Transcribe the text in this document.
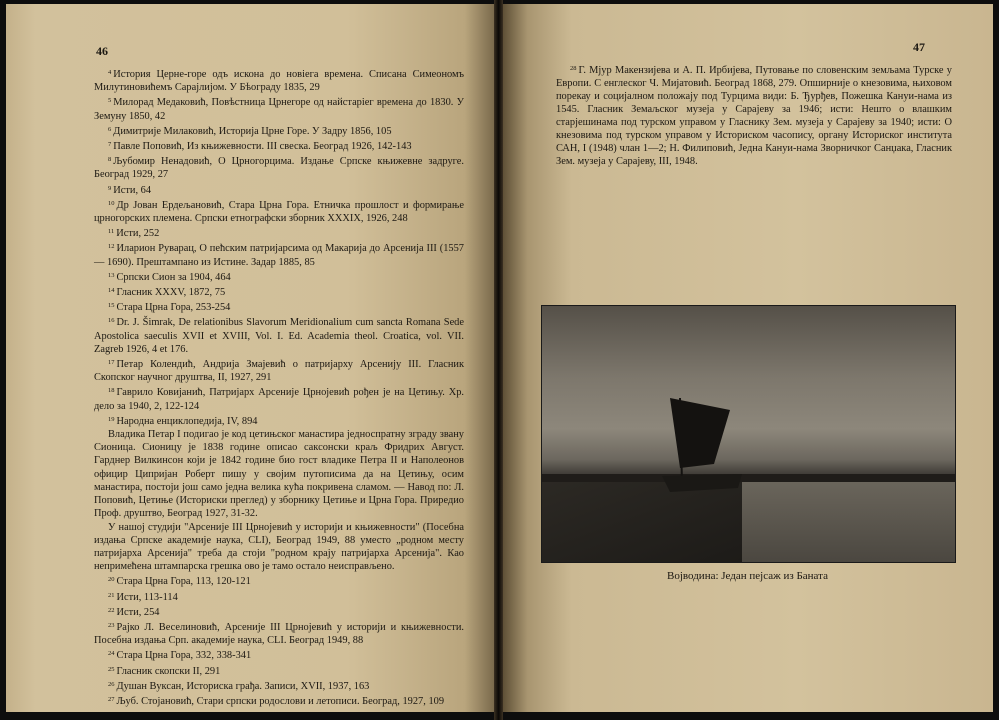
46

$^4$ История Церне-горе одъ искона до новіега времена. Списана Симеономъ Милутиновићемъ Сарајлијом. У Бѣограду 1835, 29

$^5$ Милорад Медаковић, Повѣстница Црнегоре од найстаріег времена до 1830. У Земуну 1850, 42

$^6$ Димитрије Милаковић, Историја Црне Горе. У Задру 1856, 105

$^7$ Павле Поповић, Из књижевности. III свеска. Београд 1926, 142-143

$^8$ Љубомир Ненадовић, О Црногорцима. Издање Српске књижевне задруге. Београд 1929, 27

$^9$ Исти, 64

$^{10}$ Др Јован Ердељановић, Стара Црна Гора. Етничка прошлост и формирање црногорских племена. Српски етнографски зборник XXXIX, 1926, 248

$^{11}$ Исти, 252

$^{12}$ Иларион Руварац, О пећским патријарсима од Макарија до Арсенија III (1557 — 1690). Прештампано из Истине. Задар 1885, 85

$^{13}$ Српски Сион за 1904, 464

$^{14}$ Гласник XXXV, 1872, 75

$^{15}$ Стара Црна Гора, 253-254

$^{16}$ Dr. J. Šimrak, De relationibus Slavorum Meridionalium cum sancta Romana Sede Apostolica saeculis XVII et XVIII, Vol. I. Ed. Academia theol. Croatica, vol. VII. Zagreb 1926, 4 et 176.

$^{17}$ Петар Колендић, Андрија Змајевић о патријарху Арсенију III. Гласник Скопског научног друштва, II, 1927, 291

$^{18}$ Гаврило Ковијанић, Патријарх Арсеније Црнојевић рођен је на Цетињу. Хр. дело за 1940, 2, 122-124

$^{19}$ Народна енциклопедија, IV, 894

Владика Петар I подигао је код цетињског манастира једноспратну зграду звану Сионица. Сионицу је 1838 године описао саксонски краљ Фридрих Август. Гарднер Вилкинсон који је 1842 године био гост владике Петра II и Наполеонов официр Ципријан Роберт пишу у својим путописима да на Цетињу, осим манастира, постоји још само једна велика кућа покривена сламом. — Навод по: Л. Поповић, Цетиње (Историски преглед) у зборнику Цетиње и Црна Гора. Приредио Проф. друштво, Београд 1927, 31-32.

У нашој студији "Арсеније III Црнојевић у историји и књижевности" (Посебна издања Српске академије наука, CLI), Београд 1949, 88 уместо „родном месту патријарха Арсенија" треба да стоји "родном крају патријарха Арсенија". Као непримећена штампарска грешка ово је тамо остало неисправљено.

$^{20}$ Стара Црна Гора, 113, 120-121

$^{21}$ Исти, 113-114

$^{22}$ Исти, 254

$^{23}$ Рајко Л. Веселиновић, Арсеније III Црнојевић у историји и књижевности. Посебна издања Срп. академије наука, CLI. Београд 1949, 88

$^{24}$ Стара Црна Гора, 332, 338-341

$^{25}$ Гласник скопски II, 291

$^{26}$ Душан Вуксан, Историска грађа. Записи, XVII, 1937, 163

$^{27}$ Љуб. Стојановић, Стари српски родослови и летописи. Београд, 1927, 109

47

$^{28}$ Г. Мјур Макензијева и А. П. Ирбијева, Путовање по словенским земљама Турске у Европи. С енглеског Ч. Мијатовић. Београд 1868, 279. Опширније о кнезовима, њиховом порекау и социјалном положају под Турцима види: Б. Ђурђев, Пожешка Кануи-нама из 1545. Гласник Земаљског музеја у Сарајеву за 1946; исти: Нешто о влашким старјешинама под турском управом у Гласнику Зем. музеја у Сарајеву за 1940; исти: О кнезовима под турском управом у Историском часопису, органу Историског института САН, I (1948) члан 1—2; Н. Филиповић, Једна Кануи-нама Зворничког Санџака, Гласник Зем. музеја у Сарајеву, III, 1948.

Војводина: Један пејсаж из Баната
